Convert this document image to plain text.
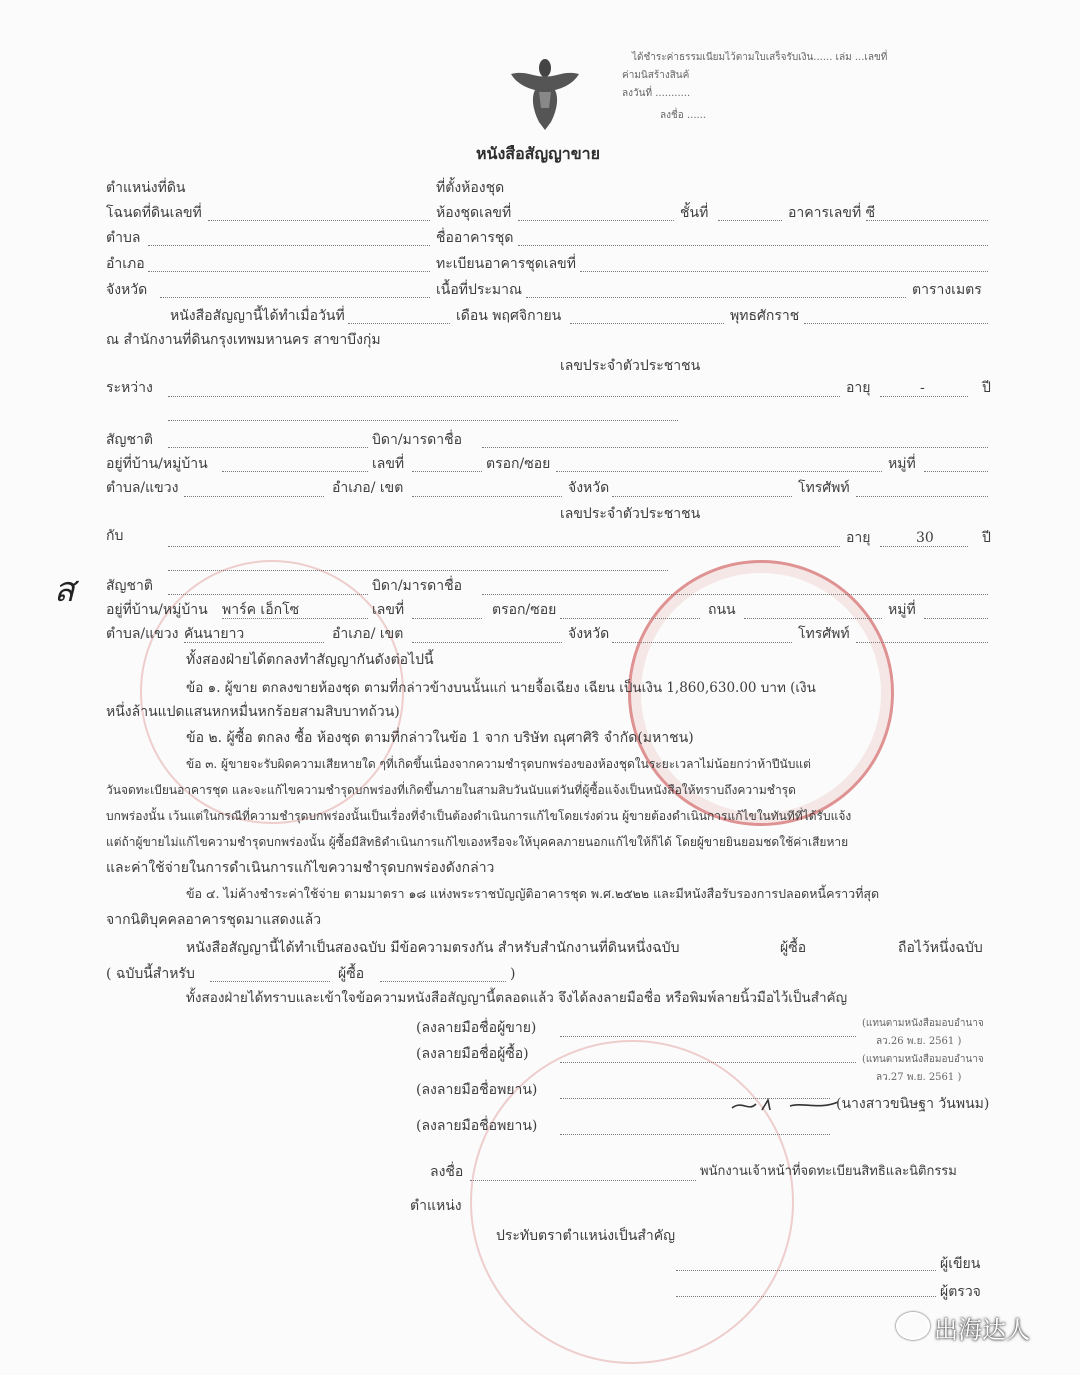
ได้ชำระค่าธรรมเนียมไว้ตามใบเสร็จรับเงิน...... เล่ม ...เลขที่
ค่ามนิสร้างสินค้
ลงวันที่ ...........
ลงชื่อ ......
หนังสือสัญญาขาย
ตำแหน่งที่ดิน	ที่ตั้งห้องชุด
โฉนดที่ดินเลขที่	ห้องชุดเลขที่	ชั้นที่	อาคารเลขที่ ซี
ตำบล	ชื่ออาคารชุด
อำเภอ	ทะเบียนอาคารชุดเลขที่
จังหวัด	เนื้อที่ประมาณ	ตารางเมตร
หนังสือสัญญานี้ได้ทำเมื่อวันที่	เดือน พฤศจิกายน	พุทธศักราช
ณ สำนักงานที่ดินกรุงเทพมหานคร สาขาบึงกุ่ม
เลขประจำตัวประชาชน
ระหว่าง	อายุ	-	ปี
สัญชาติ	บิดา/มารดาชื่อ
อยู่ที่บ้าน/หมู่บ้าน	เลขที่	ตรอก/ซอย	หมู่ที่
ตำบล/แขวง	อำเภอ/ เขต	จังหวัด	โทรศัพท์
เลขประจำตัวประชาชน
กับ	อายุ	30	ปี
ส สัญชาติ	บิดา/มารดาชื่อ
อยู่ที่บ้าน/หมู่บ้าน พาร์ค เอ็กโซ	เลขที่	ตรอก/ซอย	ถนน	หมู่ที่
ตำบล/แขวง คันนายาว	อำเภอ/ เขต	จังหวัด	โทรศัพท์
ทั้งสองฝ่ายได้ตกลงทำสัญญากันดังต่อไปนี้
ข้อ ๑. ผู้ขาย ตกลงขายห้องชุด ตามที่กล่าวข้างบนนั้นแก่ นายจื้อเฉียง เฉียน เป็นเงิน 1,860,630.00 บาท (เงิน
หนึ่งล้านแปดแสนหกหมื่นหกร้อยสามสิบบาทถ้วน)
ข้อ ๒. ผู้ซื้อ ตกลง ซื้อ ห้องชุด ตามที่กล่าวในข้อ 1 จาก บริษัท ณุศาศิริ จำกัด(มหาชน)
ข้อ ๓. ผู้ขายจะรับผิดความเสียหายใด ๆที่เกิดขึ้นเนื่องจากความชำรุดบกพร่องของห้องชุดในระยะเวลาไม่น้อยกว่าห้าปีนับแต่
วันจดทะเบียนอาคารชุด และจะแก้ไขความชำรุดบกพร่องที่เกิดขึ้นภายในสามสิบวันนับแต่วันที่ผู้ซื้อแจ้งเป็นหนังสือให้ทราบถึงความชำรุด
บกพร่องนั้น เว้นแต่ในกรณีที่ความชำรุดบกพร่องนั้นเป็นเรื่องที่จำเป็นต้องดำเนินการแก้ไขโดยเร่งด่วน ผู้ขายต้องดำเนินการแก้ไขในทันทีที่ได้รับแจ้ง
แต่ถ้าผู้ขายไม่แก้ไขความชำรุดบกพร่องนั้น ผู้ซื้อมีสิทธิดำเนินการแก้ไขเองหรือจะให้บุคคลภายนอกแก้ไขให้ก็ได้ โดยผู้ขายยินยอมชดใช้ค่าเสียหาย
และค่าใช้จ่ายในการดำเนินการแก้ไขความชำรุดบกพร่องดังกล่าว
ข้อ ๔. ไม่ค้างชำระค่าใช้จ่าย ตามมาตรา ๑๘ แห่งพระราชบัญญัติอาคารชุด พ.ศ.๒๕๒๒ และมีหนังสือรับรองการปลอดหนี้คราวที่สุด
จากนิติบุคคลอาคารชุดมาแสดงแล้ว
หนังสือสัญญานี้ได้ทำเป็นสองฉบับ มีข้อความตรงกัน สำหรับสำนักงานที่ดินหนึ่งฉบับ	ผู้ซื้อ	ถือไว้หนึ่งฉบับ
( ฉบับนี้สำหรับ	ผู้ซื้อ	)
ทั้งสองฝ่ายได้ทราบและเข้าใจข้อความหนังสือสัญญานี้ตลอดแล้ว จึงได้ลงลายมือชื่อ หรือพิมพ์ลายนิ้วมือไว้เป็นสำคัญ
(ลงลายมือชื่อผู้ขาย)	(แทนตามหนังสือมอบอำนาจ
ลว.26 พ.ย. 2561 )
(ลงลายมือชื่อผู้ซื้อ)	(แทนตามหนังสือมอบอำนาจ
ลว.27 พ.ย. 2561 )
(ลงลายมือชื่อพยาน)
(นางสาวขนิษฐา วันพนม)
(ลงลายมือชื่อพยาน)
ลงชื่อ	พนักงานเจ้าหน้าที่จดทะเบียนสิทธิและนิติกรรม
ตำแหน่ง
ประทับตราตำแหน่งเป็นสำคัญ
ผู้เขียน
ผู้ตรวจ
出海达人
